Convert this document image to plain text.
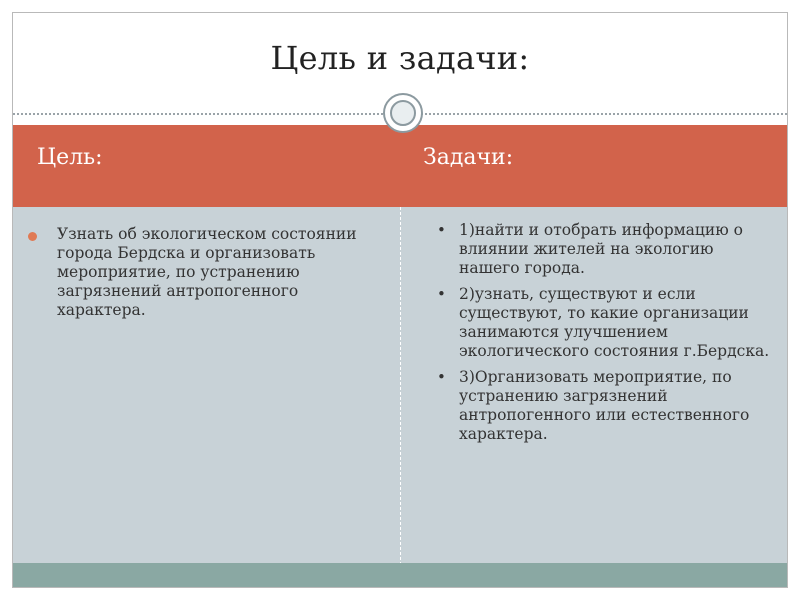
Цель и задачи:
Цель:	Задачи:
Узнать об экологическом состоянии города Бердска и организовать мероприятие, по устранению загрязнений антропогенного характера.
• 1)найти и отобрать информацию о влиянии жителей на экологию нашего города.
• 2)узнать, существуют и если существуют, то какие организации занимаются улучшением экологического состояния г.Бердска.
• 3)Организовать мероприятие, по устранению загрязнений антропогенного или естественного характера.
